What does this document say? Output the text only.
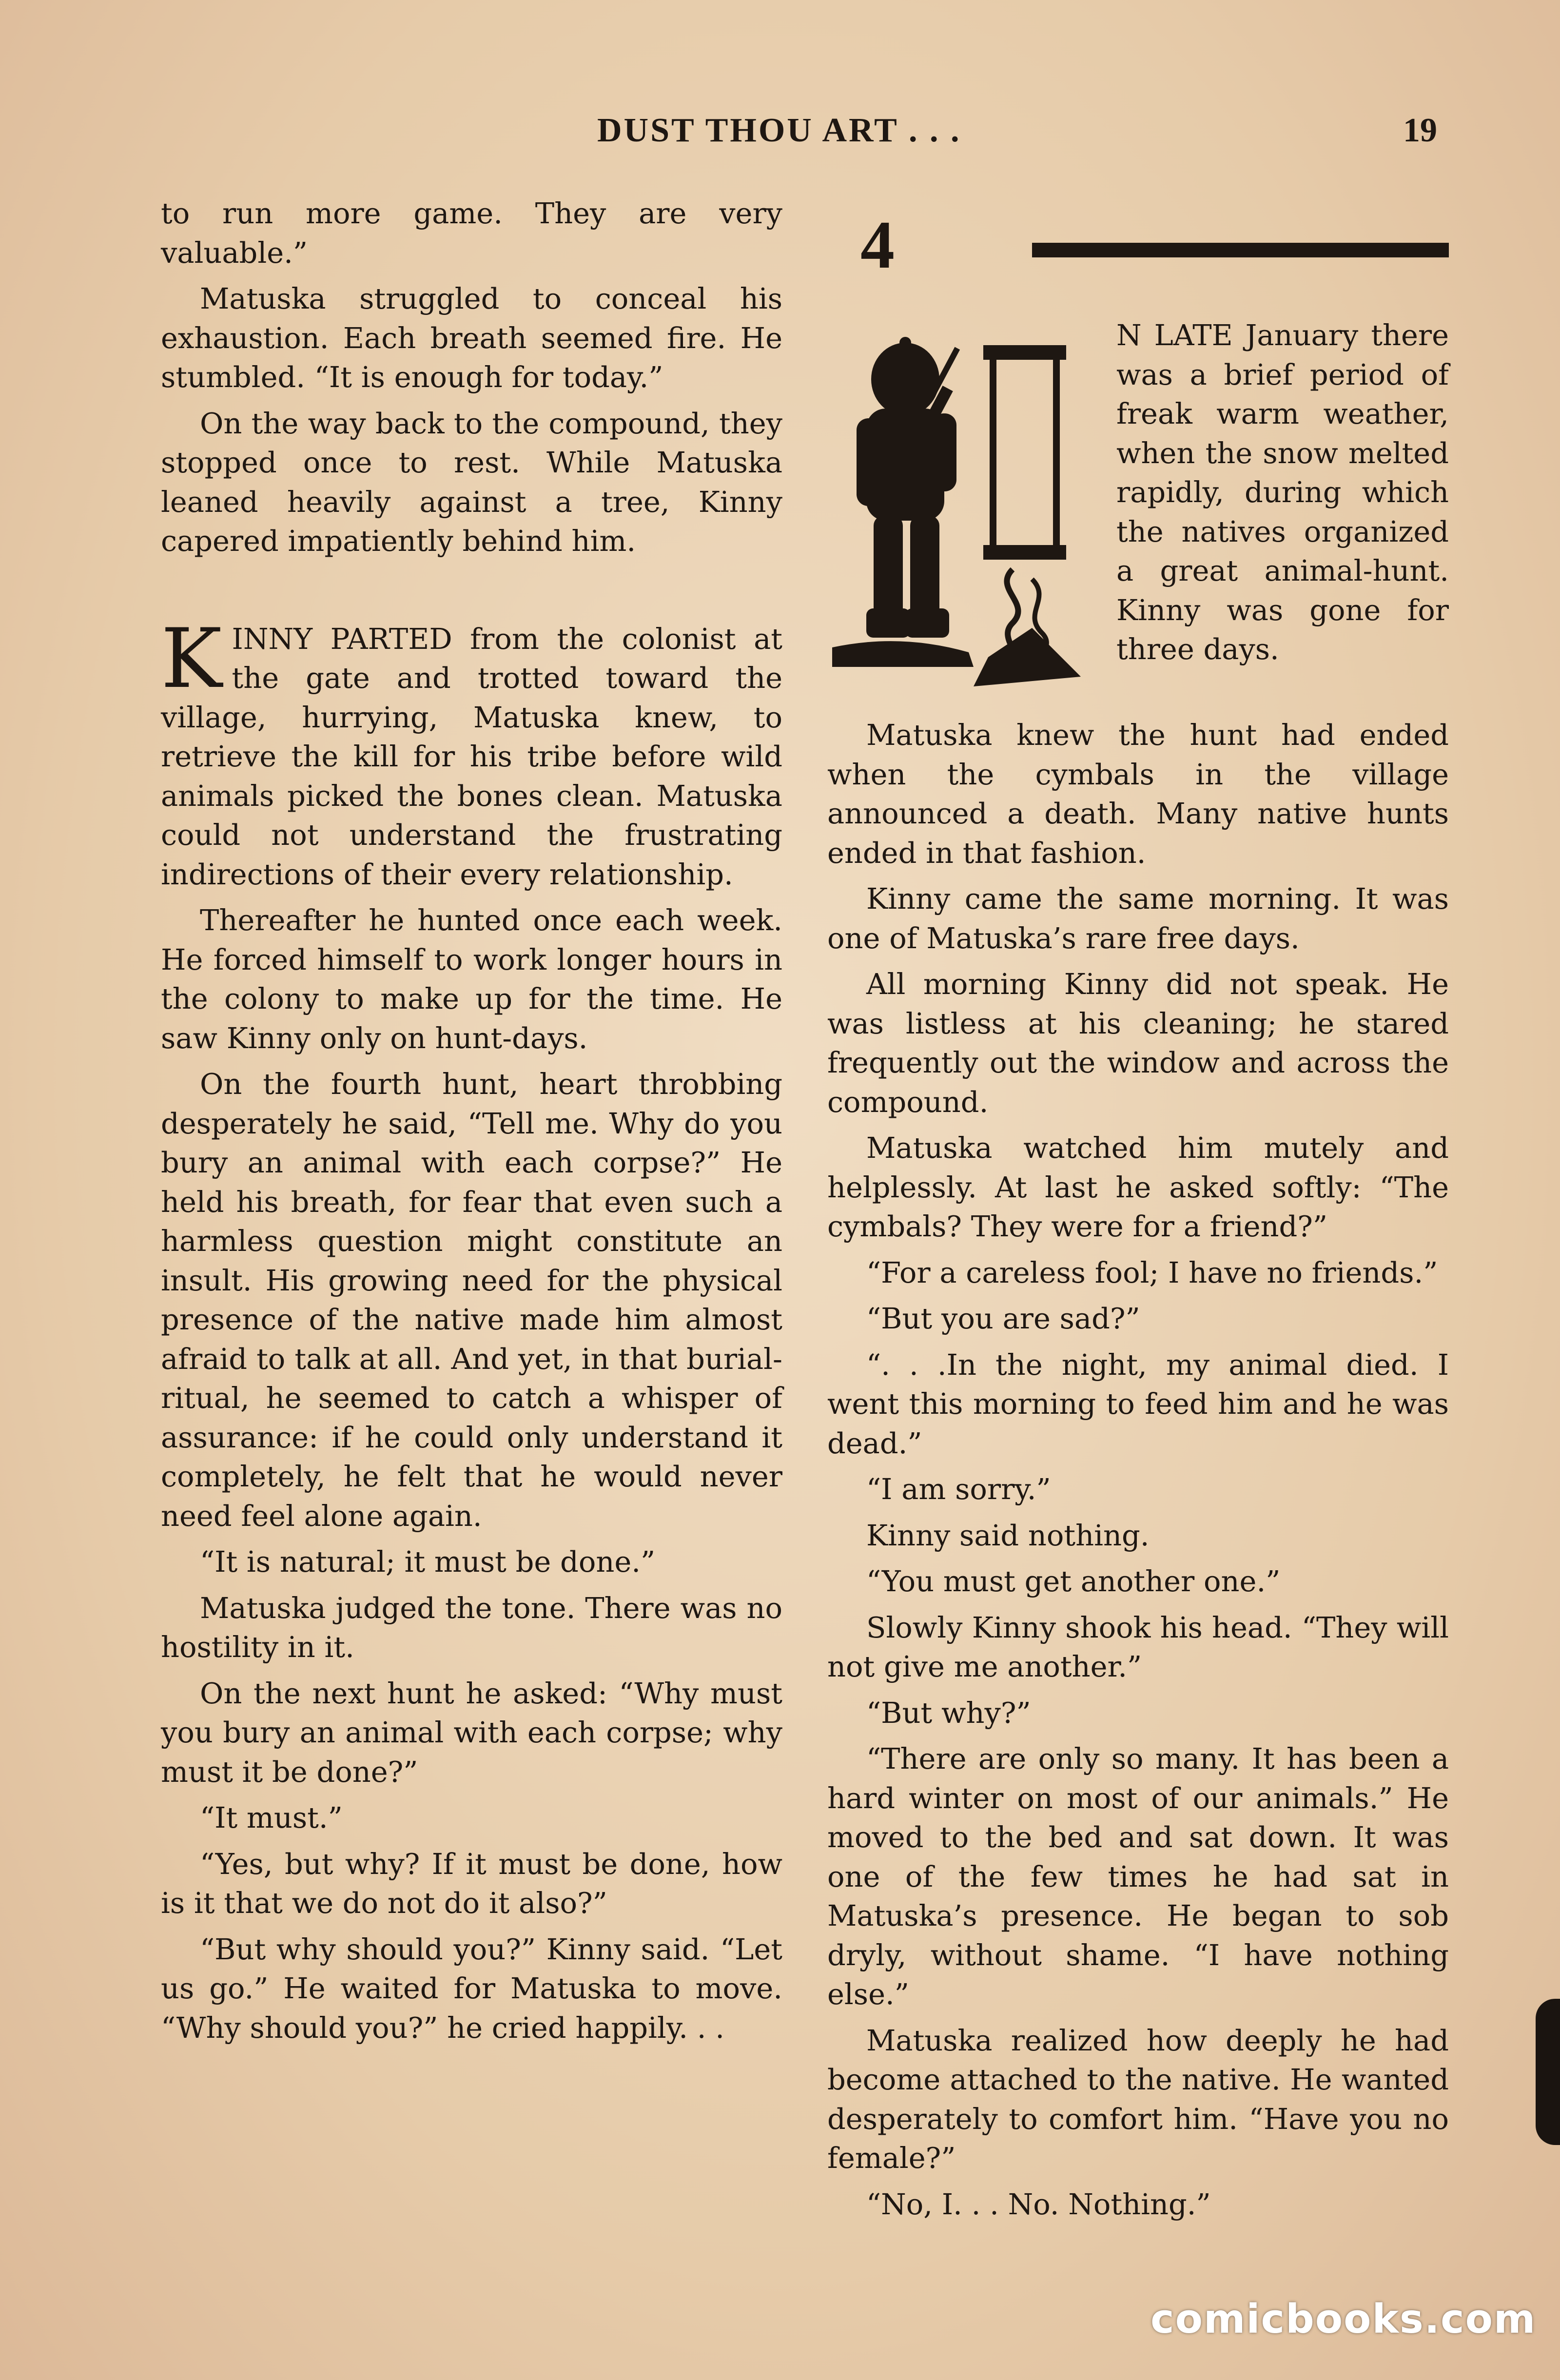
DUST THOU ART . . .	19

to run more game. They are very valuable.”

Matuska struggled to conceal his exhaustion. Each breath seemed fire. He stumbled. “It is enough for today.”

On the way back to the compound, they stopped once to rest. While Matuska leaned heavily against a tree, Kinny capered impatiently behind him.

KINNY PARTED from the colonist at the gate and trotted toward the village, hurrying, Matuska knew, to retrieve the kill for his tribe before wild animals picked the bones clean. Matuska could not understand the frustrating indirections of their every relationship.

Thereafter he hunted once each week. He forced himself to work longer hours in the colony to make up for the time. He saw Kinny only on hunt-days.

On the fourth hunt, heart throbbing desperately he said, “Tell me. Why do you bury an animal with each corpse?” He held his breath, for fear that even such a harmless question might constitute an insult. His growing need for the physical presence of the native made him almost afraid to talk at all. And yet, in that burial-ritual, he seemed to catch a whisper of assurance: if he could only understand it completely, he felt that he would never need feel alone again.

“It is natural; it must be done.”

Matuska judged the tone. There was no hostility in it.

On the next hunt he asked: “Why must you bury an animal with each corpse; why must it be done?”

“It must.”

“Yes, but why? If it must be done, how is it that we do not do it also?”

“But why should you?” Kinny said. “Let us go.” He waited for Matuska to move. “Why should you?” he cried happily. . .

4

N LATE January there was a brief period of freak warm weather, when the snow melted rapidly, during which the natives organized a great animal-hunt. Kinny was gone for three days.

Matuska knew the hunt had ended when the cymbals in the village announced a death. Many native hunts ended in that fashion.

Kinny came the same morning. It was one of Matuska’s rare free days.

All morning Kinny did not speak. He was listless at his cleaning; he stared frequently out the window and across the compound.

Matuska watched him mutely and helplessly. At last he asked softly: “The cymbals? They were for a friend?”

“For a careless fool; I have no friends.”

“But you are sad?”

“. . .In the night, my animal died. I went this morning to feed him and he was dead.”

“I am sorry.”

Kinny said nothing.

“You must get another one.”

Slowly Kinny shook his head. “They will not give me another.”

“But why?”

“There are only so many. It has been a hard winter on most of our animals.” He moved to the bed and sat down. It was one of the few times he had sat in Matuska’s presence. He began to sob dryly, without shame. “I have nothing else.”

Matuska realized how deeply he had become attached to the native. He wanted desperately to comfort him. “Have you no female?”

“No, I. . . No. Nothing.”

comicbooks.com
